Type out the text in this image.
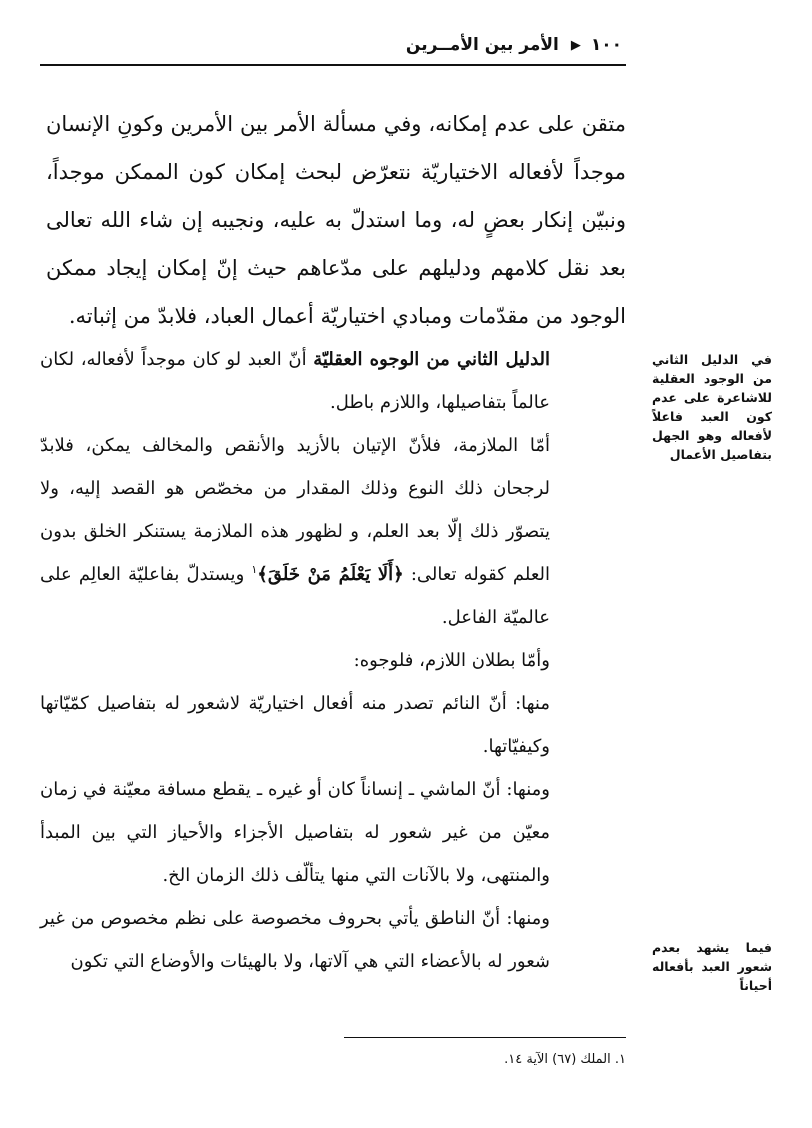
١٠٠
▶
الأمر بين الأمــرين

متقن على عدم إمكانه، وفي مسألة الأمر بين الأمرين وكونِ الإنسان موجداً لأفعاله الاختياريّة نتعرّض لبحث إمكان كون الممكن موجداً، ونبيّن إنكار بعضٍ له، وما استدلّ به عليه، ونجيبه إن شاء الله تعالى بعد نقل كلامهم ودليلهم على مدّعاهم حيث إنّ إمكان إيجاد ممكن الوجود من مقدّمات ومبادي اختياريّة أعمال العباد، فلابدّ من إثباته.

الدليل الثاني من الوجوه العقليّة أنّ العبد لو كان موجداً لأفعاله، لكان عالماً بتفاصيلها، واللازم باطل.

أمّا الملازمة، فلأنّ الإتيان بالأزيد والأنقص والمخالف يمكن، فلابدّ لرجحان ذلك النوع وذلك المقدار من مخصّص هو القصد إليه، ولا يتصوّر ذلك إلّا بعد العلم، و لظهور هذه الملازمة يستنكر الخلق بدون العلم كقوله تعالى: ﴿أَلَا يَعْلَمُ مَنْ خَلَقَ﴾$^١$ ويستدلّ بفاعليّة العالِم على عالميّة الفاعل.

وأمّا بطلان اللازم، فلوجوه:

منها: أنّ النائم تصدر منه أفعال اختياريّة لاشعور له بتفاصيل كمّيّاتها وكيفيّاتها.

ومنها: أنّ الماشي ـ إنساناً كان أو غيره ـ يقطع مسافة معيّنة في زمان معيّن من غير شعور له بتفاصيل الأجزاء والأحياز التي بين المبدأ والمنتهى، ولا بالآنات التي منها يتألّف ذلك الزمان الخ.

ومنها: أنّ الناطق يأتي بحروف مخصوصة على نظم مخصوص من غير شعور له بالأعضاء التي هي آلاتها، ولا بالهيئات والأوضاع التي تكون

في الدليل الثاني من الوجود العقلية للاشاعرة على عدم كون العبد فاعلاً لأفعاله وهو الجهل بتفاصيل الأعمال
فيما يشهد بعدم شعور العبد بأفعاله أحياناً
١. الملك (٦٧) الآية ١٤.
